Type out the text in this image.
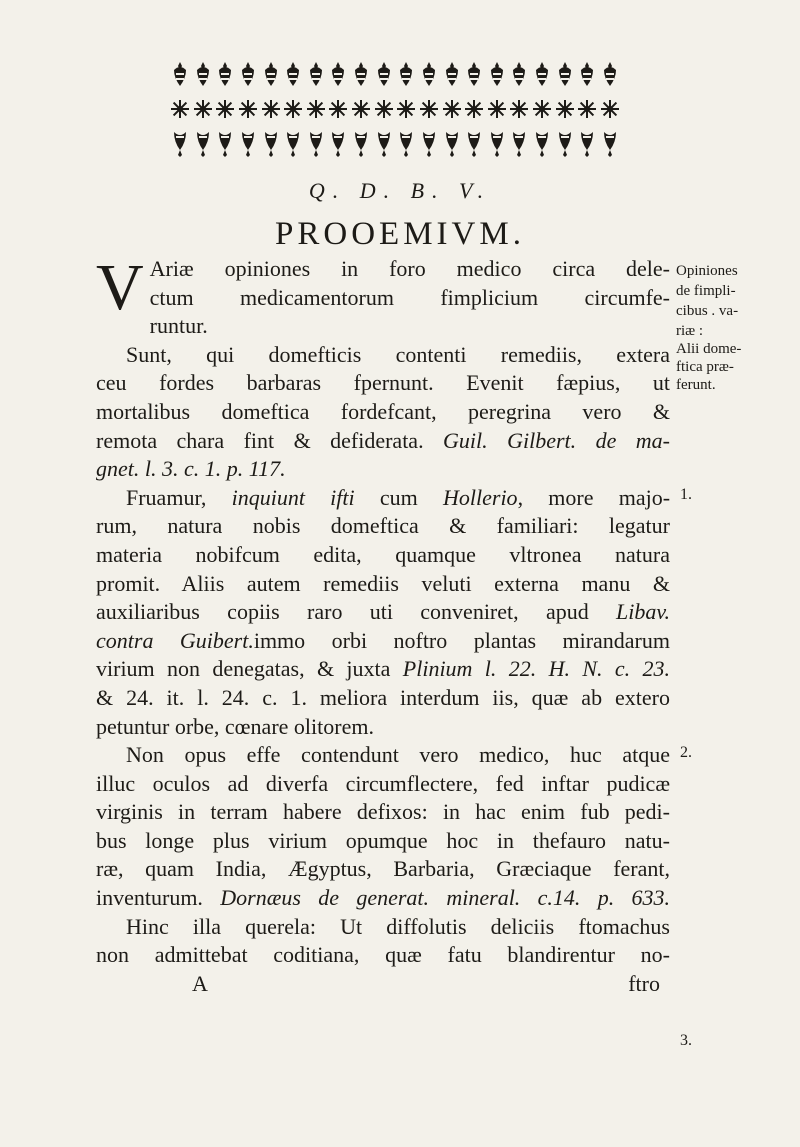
Q. D. B. V.
PROOEMIVM.
V Ariæ opiniones in foro medico circa dele-
ctum medicamentorum fimplicium circumfe-
runtur.
Sunt, qui domefticis contenti remediis, extera
ceu fordes barbaras fpernunt. Evenit fæpius, ut
mortalibus domeftica fordefcant, peregrina vero &
remota chara fint & defiderata. Guil. Gilbert. de ma-
gnet. l. 3. c. 1. p. 117.
Fruamur, inquiunt ifti cum Hollerio, more majo-
rum, natura nobis domeftica & familiari: legatur
materia nobifcum edita, quamque vltronea natura
promit. Aliis autem remediis veluti externa manu &
auxiliaribus copiis raro uti conveniret, apud Libav.
contra Guibert.immo orbi noftro plantas mirandarum
virium non denegatas, & juxta Plinium l. 22. H. N. c. 23.
& 24. it. l. 24. c. 1. meliora interdum iis, quæ ab extero
petuntur orbe, cœnare olitorem.
Non opus effe contendunt vero medico, huc atque
illuc oculos ad diverfa circumflectere, fed inftar pudicæ
virginis in terram habere defixos: in hac enim fub pedi-
bus longe plus virium opumque hoc in thefauro natu-
ræ, quam India, Ægyptus, Barbaria, Græciaque ferant,
inventurum. Dornæus de generat. mineral. c.14. p. 633.
Hinc illa querela: Ut diffolutis deliciis ftomachus
non admittebat coditiana, quæ fatu blandirentur no-
A	ftro
Opiniones
de fimpli-
cibus . va-
riæ :
Alii dome-
ftica præ-
ferunt.
1.
2.
3.
